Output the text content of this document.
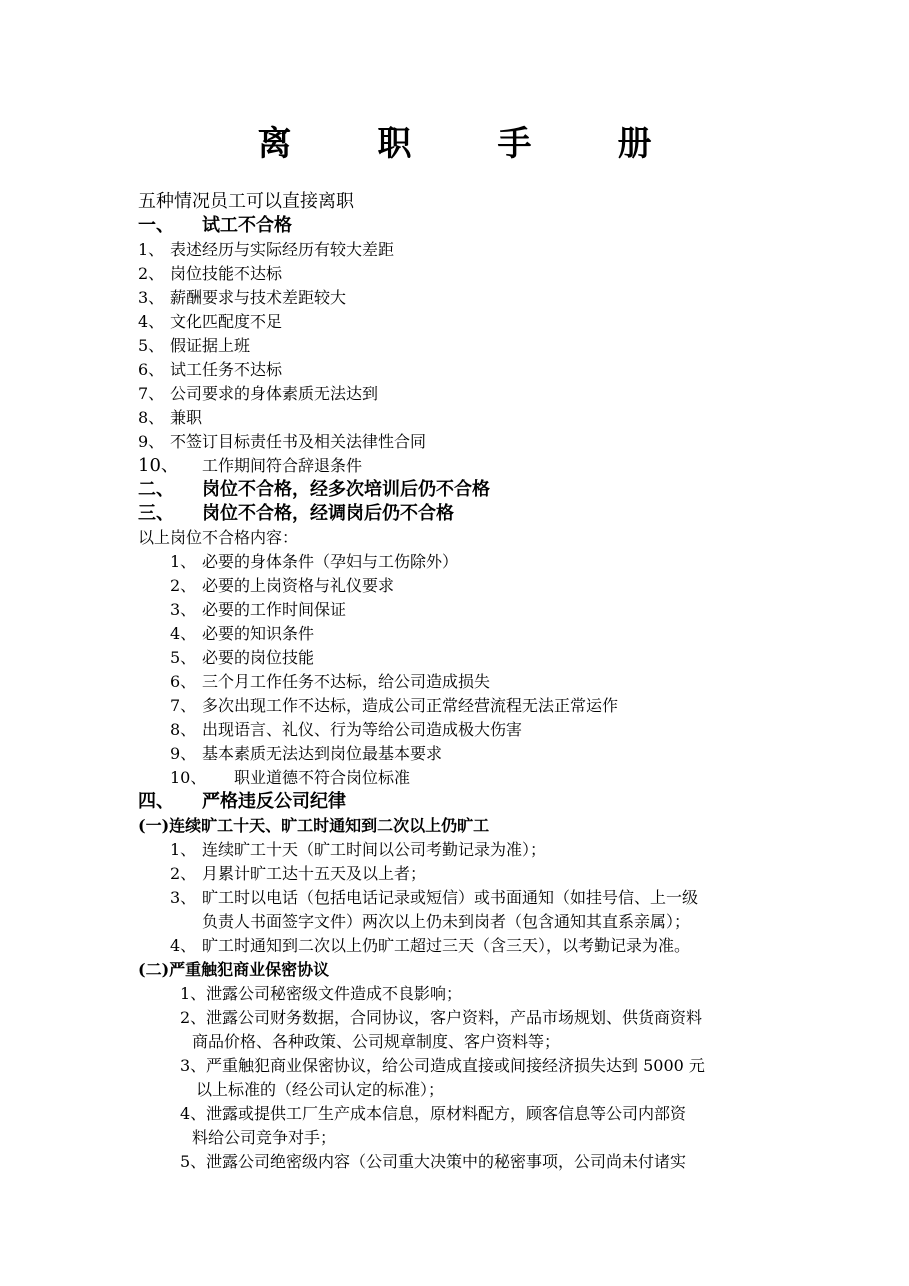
离　职　手　册
五种情况员工可以直接离职
一、 试工不合格
1、 表述经历与实际经历有较大差距
2、 岗位技能不达标
3、 薪酬要求与技术差距较大
4、 文化匹配度不足
5、 假证据上班
6、 试工任务不达标
7、 公司要求的身体素质无法达到
8、 兼职
9、 不签订目标责任书及相关法律性合同
10、 工作期间符合辞退条件
二、 岗位不合格，经多次培训后仍不合格
三、 岗位不合格，经调岗后仍不合格
以上岗位不合格内容：
1、 必要的身体条件（孕妇与工伤除外）
2、 必要的上岗资格与礼仪要求
3、 必要的工作时间保证
4、 必要的知识条件
5、 必要的岗位技能
6、 三个月工作任务不达标，给公司造成损失
7、 多次出现工作不达标，造成公司正常经营流程无法正常运作
8、 出现语言、礼仪、行为等给公司造成极大伤害
9、 基本素质无法达到岗位最基本要求
10、 职业道德不符合岗位标准
四、 严格违反公司纪律
(一)连续旷工十天、旷工时通知到二次以上仍旷工
1、 连续旷工十天（旷工时间以公司考勤记录为准）；
2、 月累计旷工达十五天及以上者；
3、 旷工时以电话（包括电话记录或短信）或书面通知（如挂号信、上一级
负责人书面签字文件）两次以上仍未到岗者（包含通知其直系亲属）；
4、 旷工时通知到二次以上仍旷工超过三天（含三天），以考勤记录为准。
(二)严重触犯商业保密协议
1、泄露公司秘密级文件造成不良影响；
2、泄露公司财务数据，合同协议，客户资料，产品市场规划、供货商资料
商品价格、各种政策、公司规章制度、客户资料等；
3、严重触犯商业保密协议，给公司造成直接或间接经济损失达到 5000 元
以上标准的（经公司认定的标准）；
4、泄露或提供工厂生产成本信息，原材料配方，顾客信息等公司内部资
料给公司竞争对手；
5、泄露公司绝密级内容（公司重大决策中的秘密事项，公司尚未付诸实
